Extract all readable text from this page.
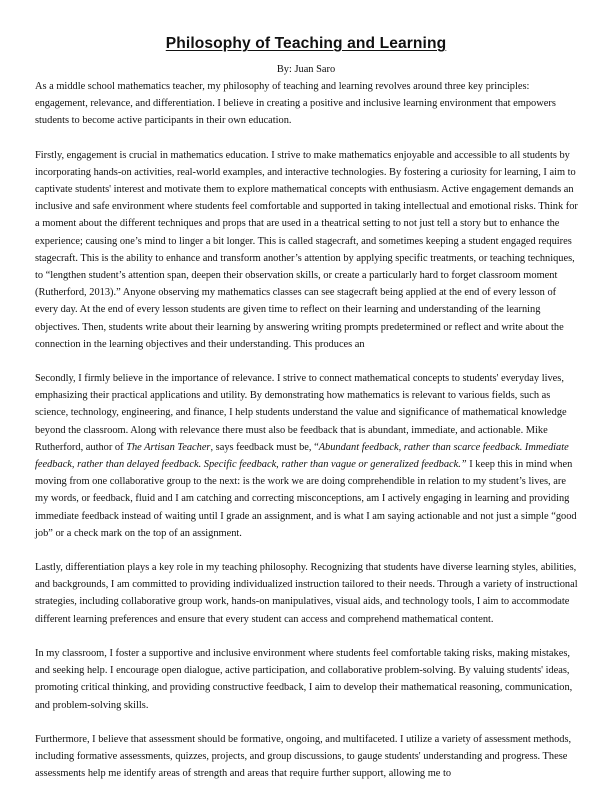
Philosophy of Teaching and Learning
By: Juan Saro

As a middle school mathematics teacher, my philosophy of teaching and learning revolves around three key principles: engagement, relevance, and differentiation. I believe in creating a positive and inclusive learning environment that empowers students to become active participants in their own education.

Firstly, engagement is crucial in mathematics education. I strive to make mathematics enjoyable and accessible to all students by incorporating hands-on activities, real-world examples, and interactive technologies. By fostering a curiosity for learning, I aim to captivate students' interest and motivate them to explore mathematical concepts with enthusiasm. Active engagement demands an inclusive and safe environment where students feel comfortable and supported in taking intellectual and emotional risks. Think for a moment about the different techniques and props that are used in a theatrical setting to not just tell a story but to enhance the experience; causing one’s mind to linger a bit longer. This is called stagecraft, and sometimes keeping a student engaged requires stagecraft. This is the ability to enhance and transform another’s attention by applying specific treatments, or teaching techniques, to “lengthen student’s attention span, deepen their observation skills, or create a particularly hard to forget classroom moment (Rutherford, 2013).” Anyone observing my mathematics classes can see stagecraft being applied at the end of every lesson of every day. At the end of every lesson students are given time to reflect on their learning and understanding of the learning objectives. Then, students write about their learning by answering writing prompts predetermined or reflect and write about the connection in the learning objectives and their understanding. This produces an

Secondly, I firmly believe in the importance of relevance. I strive to connect mathematical concepts to students' everyday lives, emphasizing their practical applications and utility. By demonstrating how mathematics is relevant to various fields, such as science, technology, engineering, and finance, I help students understand the value and significance of mathematical knowledge beyond the classroom. Along with relevance there must also be feedback that is abundant, immediate, and actionable. Mike Rutherford, author of The Artisan Teacher, says feedback must be, “Abundant feedback, rather than scarce feedback. Immediate feedback, rather than delayed feedback. Specific feedback, rather than vague or generalized feedback.” I keep this in mind when moving from one collaborative group to the next: is the work we are doing comprehendible in relation to my student’s lives, are my words, or feedback, fluid and I am catching and correcting misconceptions, am I actively engaging in learning and providing immediate feedback instead of waiting until I grade an assignment, and is what I am saying actionable and not just a simple “good job” or a check mark on the top of an assignment.

Lastly, differentiation plays a key role in my teaching philosophy. Recognizing that students have diverse learning styles, abilities, and backgrounds, I am committed to providing individualized instruction tailored to their needs. Through a variety of instructional strategies, including collaborative group work, hands-on manipulatives, visual aids, and technology tools, I aim to accommodate different learning preferences and ensure that every student can access and comprehend mathematical content.

In my classroom, I foster a supportive and inclusive environment where students feel comfortable taking risks, making mistakes, and seeking help. I encourage open dialogue, active participation, and collaborative problem-solving. By valuing students' ideas, promoting critical thinking, and providing constructive feedback, I aim to develop their mathematical reasoning, communication, and problem-solving skills.

Furthermore, I believe that assessment should be formative, ongoing, and multifaceted. I utilize a variety of assessment methods, including formative assessments, quizzes, projects, and group discussions, to gauge students' understanding and progress. These assessments help me identify areas of strength and areas that require further support, allowing me to
